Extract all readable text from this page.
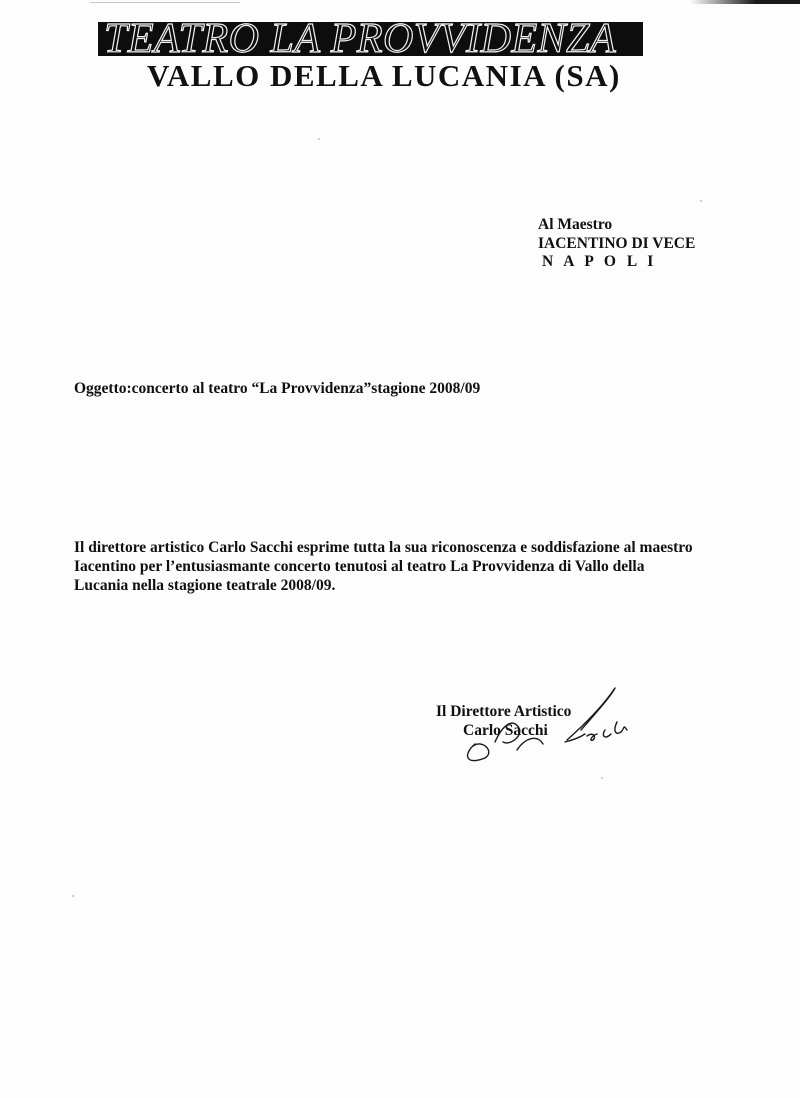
TEATRO LA PROVVIDENZA
VALLO DELLA LUCANIA (SA)
Al Maestro
IACENTINO DI VECE
N A P O L I
Oggetto:concerto al teatro “La Provvidenza”stagione 2008/09
Il direttore artistico Carlo Sacchi esprime tutta la sua riconoscenza e soddisfazione al maestro
Iacentino per l’entusiasmante concerto tenutosi al teatro La Provvidenza di Vallo della
Lucania nella stagione teatrale 2008/09.
Il Direttore Artistico
Carlo Sacchi
